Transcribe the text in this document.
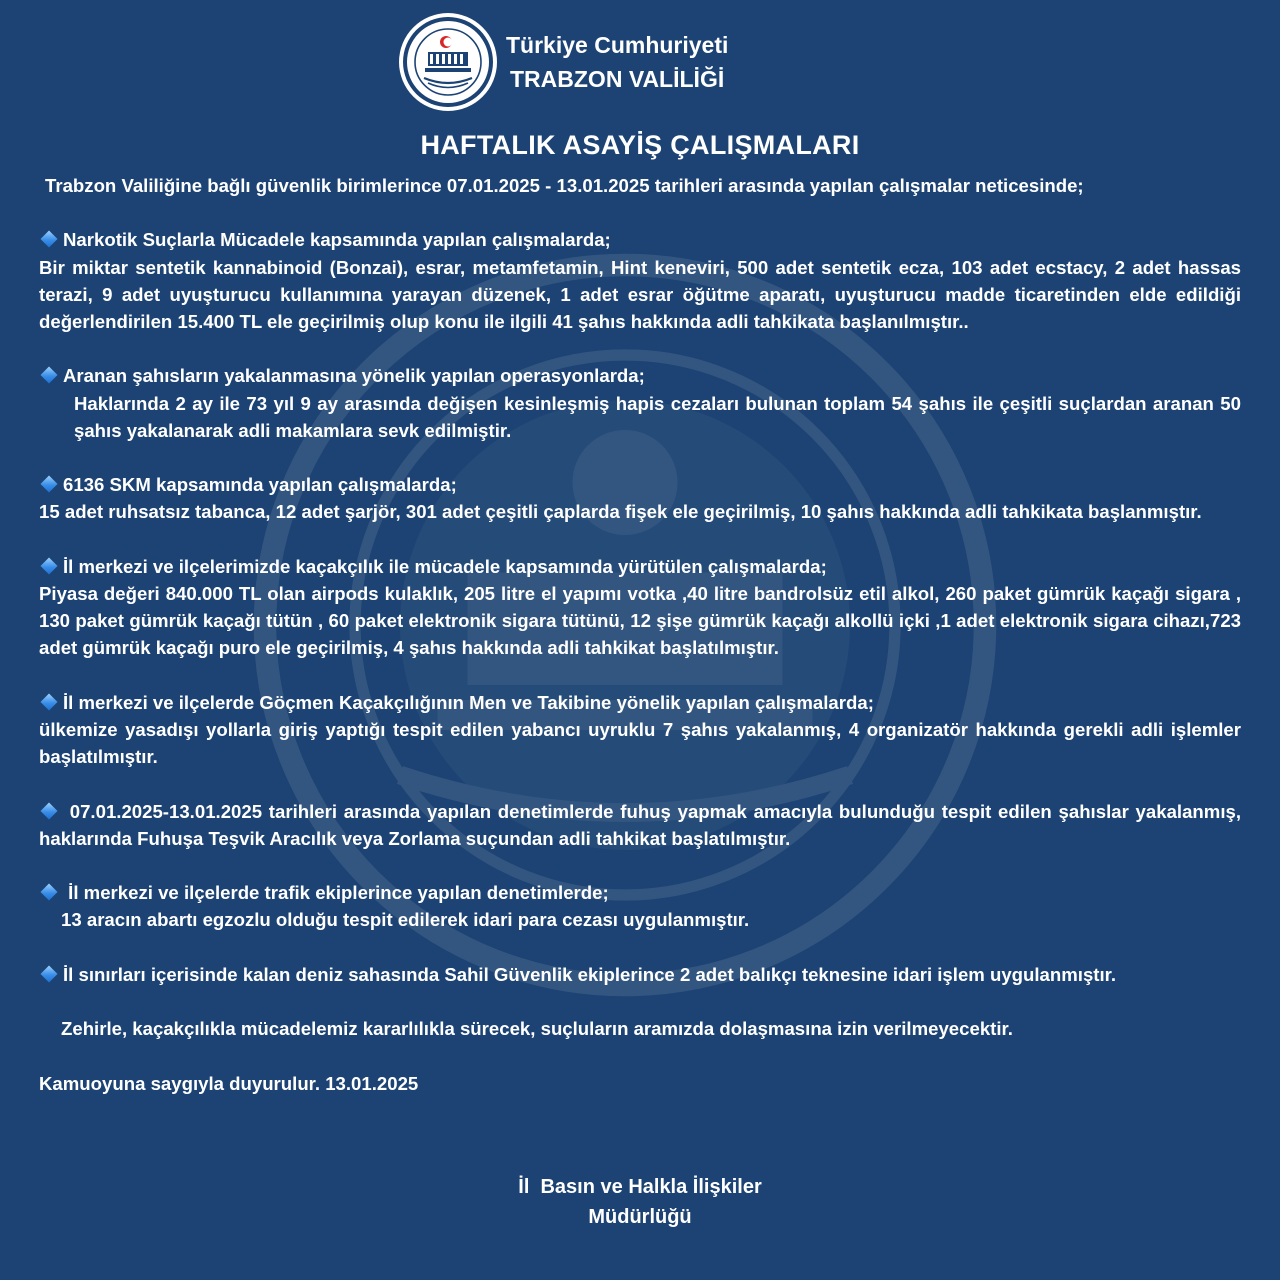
Türkiye Cumhuriyeti
TRABZON VALİLİĞİ
HAFTALIK ASAYİŞ ÇALIŞMALARI
Trabzon Valiliğine bağlı güvenlik birimlerince 07.01.2025 - 13.01.2025 tarihleri arasında yapılan çalışmalar neticesinde;
Narkotik Suçlarla Mücadele kapsamında yapılan çalışmalarda;
Bir miktar sentetik kannabinoid (Bonzai), esrar, metamfetamin, Hint keneviri, 500 adet sentetik ecza, 103 adet ecstacy, 2 adet hassas terazi, 9 adet uyuşturucu kullanımına yarayan düzenek, 1 adet esrar öğütme aparatı, uyuşturucu madde ticaretinden elde edildiği değerlendirilen 15.400 TL ele geçirilmiş olup konu ile ilgili 41 şahıs hakkında adli tahkikata başlanılmıştır..
Aranan şahısların yakalanmasına yönelik yapılan operasyonlarda;
Haklarında 2 ay ile 73 yıl 9 ay arasında değişen kesinleşmiş hapis cezaları bulunan toplam 54 şahıs ile çeşitli suçlardan aranan 50 şahıs yakalanarak adli makamlara sevk edilmiştir.
6136 SKM kapsamında yapılan çalışmalarda;
15 adet ruhsatsız tabanca, 12 adet şarjör, 301 adet çeşitli çaplarda fişek ele geçirilmiş, 10 şahıs hakkında adli tahkikata başlanmıştır.
İl merkezi ve ilçelerimizde kaçakçılık ile mücadele kapsamında yürütülen çalışmalarda;
Piyasa değeri 840.000 TL olan airpods kulaklık, 205 litre el yapımı votka ,40 litre bandrolsüz etil alkol, 260 paket gümrük kaçağı sigara , 130 paket gümrük kaçağı tütün , 60 paket elektronik sigara tütünü, 12 şişe gümrük kaçağı alkollü içki ,1 adet elektronik sigara cihazı,723 adet gümrük kaçağı puro ele geçirilmiş, 4 şahıs hakkında adli tahkikat başlatılmıştır.
İl merkezi ve ilçelerde Göçmen Kaçakçılığının Men ve Takibine yönelik yapılan çalışmalarda;
ülkemize yasadışı yollarla giriş yaptığı tespit edilen yabancı uyruklu 7 şahıs yakalanmış, 4 organizatör hakkında gerekli adli işlemler başlatılmıştır.
07.01.2025-13.01.2025 tarihleri arasında yapılan denetimlerde fuhuş yapmak amacıyla bulunduğu tespit edilen şahıslar yakalanmış, haklarında Fuhuşa Teşvik Aracılık veya Zorlama suçundan adli tahkikat başlatılmıştır.
İl merkezi ve ilçelerde trafik ekiplerince yapılan denetimlerde;
13 aracın abartı egzozlu olduğu tespit edilerek idari para cezası uygulanmıştır.
İl sınırları içerisinde kalan deniz sahasında Sahil Güvenlik ekiplerince 2 adet balıkçı teknesine idari işlem uygulanmıştır.
Zehirle, kaçakçılıkla mücadelemiz kararlılıkla sürecek, suçluların aramızda dolaşmasına izin verilmeyecektir.
Kamuoyuna saygıyla duyurulur. 13.01.2025
İl  Basın ve Halkla İlişkiler
Müdürlüğü
